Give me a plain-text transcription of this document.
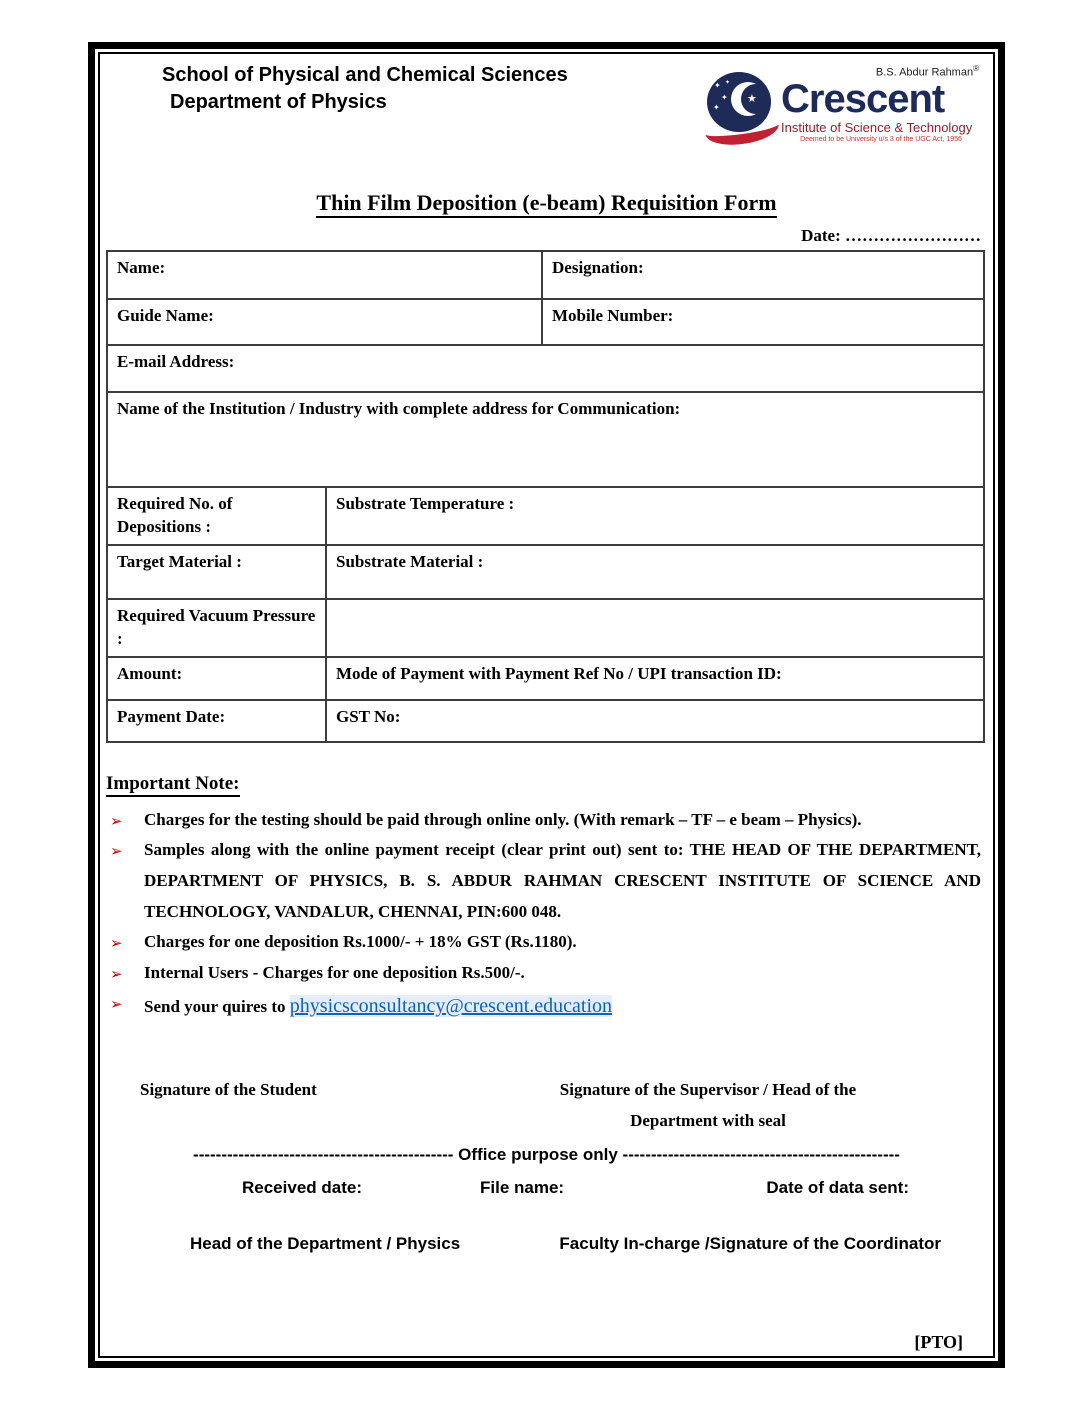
School of Physical and Chemical Sciences
Department of Physics
✦
✦
✦
✦
★
B.S. Abdur Rahman®
Crescent
Institute of Science & Technology
Deemed to be University u/s 3 of the UGC Act, 1956
Thin Film Deposition (e-beam) Requisition Form
Date: ……………………
Name:	Designation:
Guide Name:	Mobile Number:
E-mail Address:	
Name of the Institution / Industry with complete address for Communication:	
Required No. of Depositions :	Substrate Temperature :
Target Material :	Substrate Material :
Required Vacuum Pressure :	
Amount:	Mode of Payment with Payment Ref No / UPI transaction ID:
Payment Date:	GST No:
Important Note:
➢	Charges for the testing should be paid through online only. (With remark – TF – e beam – Physics).
➢	Samples along with the online payment receipt (clear print out) sent to: THE HEAD OF THE DEPARTMENT, DEPARTMENT OF PHYSICS, B. S. ABDUR RAHMAN CRESCENT INSTITUTE OF SCIENCE AND TECHNOLOGY, VANDALUR, CHENNAI, PIN:600 048.
➢	Charges for one deposition Rs.1000/- + 18% GST (Rs.1180).
➢	Internal Users - Charges for one deposition Rs.500/-.
➢	Send your quires to physicsconsultancy@crescent.education
Signature of the Student	Signature of the Supervisor / Head of the
Department with seal
---------------------------------------------- Office purpose only -------------------------------------------------
Received date:	File name:	Date of data sent:
Head of the Department / Physics	Faculty In-charge /Signature of the Coordinator
[PTO]
